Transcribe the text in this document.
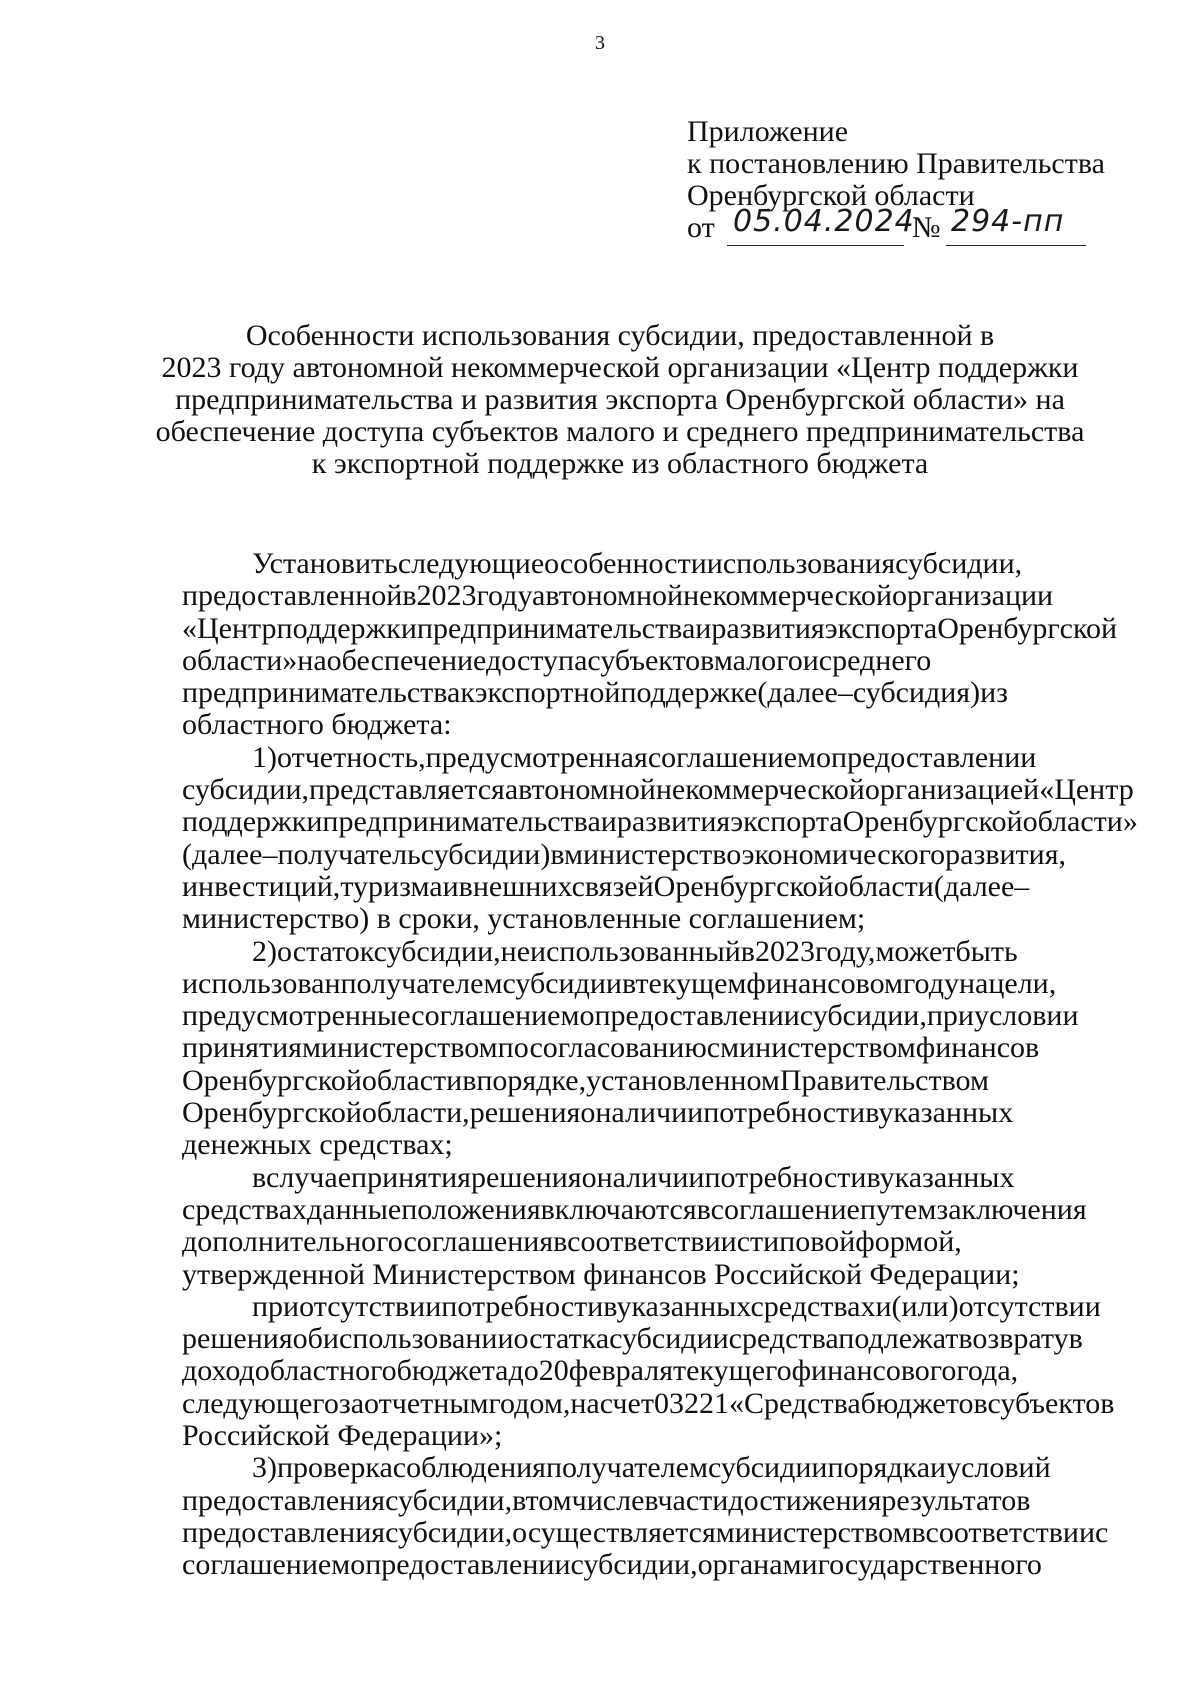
3
Приложение
к постановлению Правительства
Оренбургской области
от 05.04.2024
№ 294-пп
Особенности использования субсидии, предоставленной в
2023 году автономной некоммерческой организации «Центр поддержки
предпринимательства и развития экспорта Оренбургской области» на
обеспечение доступа субъектов малого и среднего предпринимательства
к экспортной поддержке из областного бюджета
Установитьследующиеособенностииспользованиясубсидии,
предоставленнойв2023годуавтономнойнекоммерческойорганизации
«ЦентрподдержкипредпринимательстваиразвитияэкспортаОренбургской
области»наобеспечениедоступасубъектовмалогоисреднего
предпринимательствакэкспортнойподдержке(далее–субсидия)из
областного бюджета:
1)отчетность,предусмотреннаясоглашениемопредоставлении
субсидии,представляетсяавтономнойнекоммерческойорганизацией«Центр
поддержкипредпринимательстваиразвитияэкспортаОренбургскойобласти»
(далее–получательсубсидии)вминистерствоэкономическогоразвития,
инвестиций,туризмаивнешнихсвязейОренбургскойобласти(далее–
министерство) в сроки, установленные соглашением;
2)остатоксубсидии,неиспользованныйв2023году,можетбыть
использованполучателемсубсидиивтекущемфинансовомгодунацели,
предусмотренныесоглашениемопредоставлениисубсидии,приусловии
принятияминистерствомпосогласованиюсминистерствомфинансов
Оренбургскойобластивпорядке,установленномПравительством
Оренбургскойобласти,решенияоналичиипотребностивуказанных
денежных средствах;
вслучаепринятиярешенияоналичиипотребностивуказанных
средствахданныеположениявключаютсявсоглашениепутемзаключения
дополнительногосоглашениявсоответствиистиповойформой,
утвержденной Министерством финансов Российской Федерации;
приотсутствиипотребностивуказанныхсредствахи(или)отсутствии
решенияобиспользованииостаткасубсидиисредстваподлежатвозвратув
доходобластногобюджетадо20февралятекущегофинансовогогода,
следующегозаотчетнымгодом,насчет03221«Средствабюджетовсубъектов
Российской Федерации»;
3)проверкасоблюденияполучателемсубсидиипорядкаиусловий
предоставлениясубсидии,втомчислевчастидостижениярезультатов
предоставлениясубсидии,осуществляетсяминистерствомвсоответствиис
соглашениемопредоставлениисубсидии,органамигосударственного
